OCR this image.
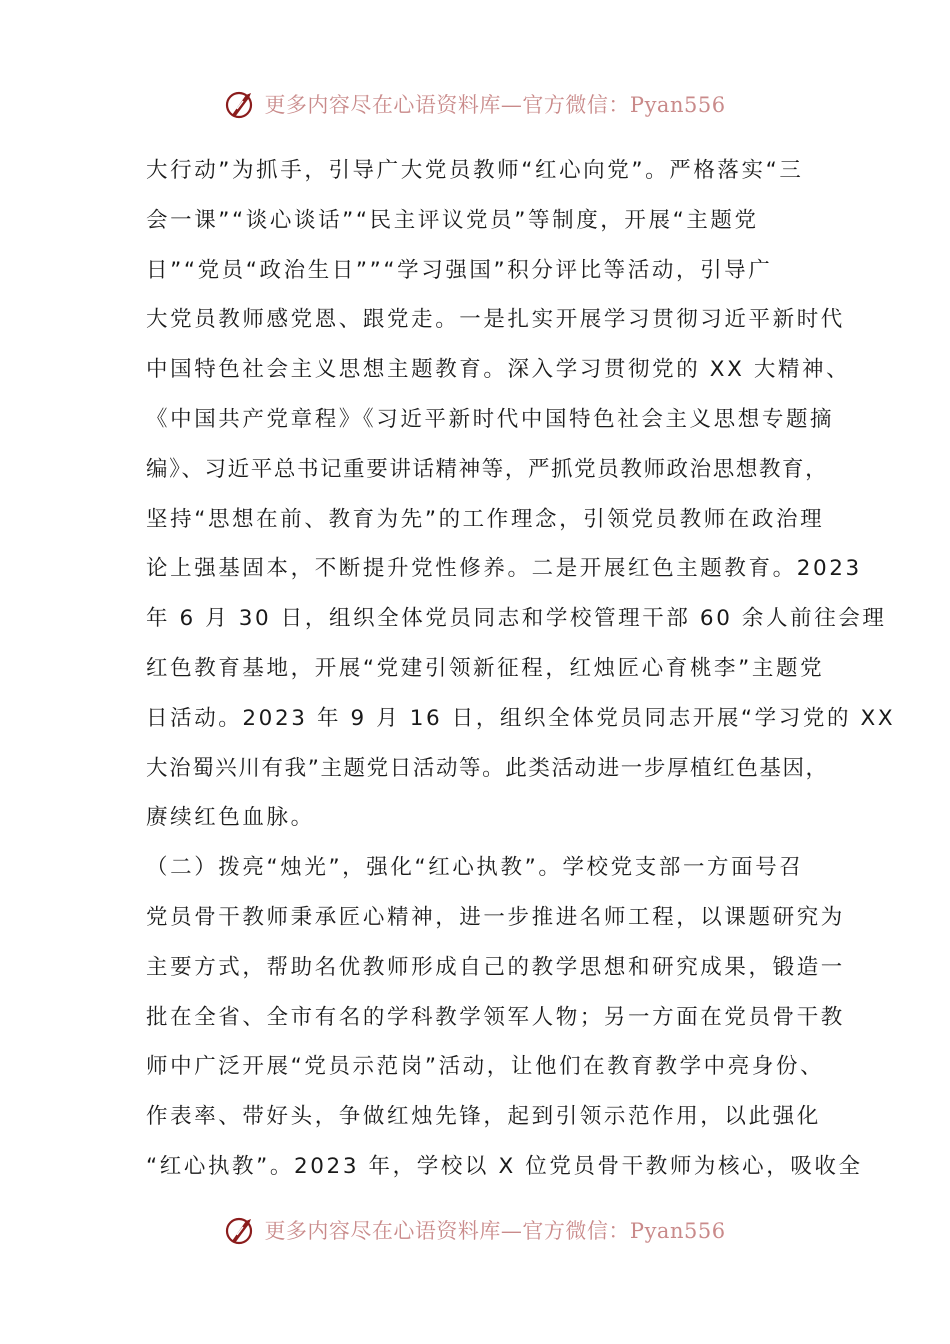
更多内容尽在心语资料库—官方微信：Pyan556
大行动”为抓手，引导广大党员教师“红心向党”。严格落实“三
会一课”“谈心谈话”“民主评议党员”等制度，开展“主题党
日”“党员“政治生日””“学习强国”积分评比等活动，引导广
大党员教师感党恩、跟党走。一是扎实开展学习贯彻习近平新时代
中国特色社会主义思想主题教育。深入学习贯彻党的 XX 大精神、
《中国共产党章程》《习近平新时代中国特色社会主义思想专题摘
编》、习近平总书记重要讲话精神等，严抓党员教师政治思想教育，
坚持“思想在前、教育为先”的工作理念，引领党员教师在政治理
论上强基固本，不断提升党性修养。二是开展红色主题教育。2023
年 6 月 30 日，组织全体党员同志和学校管理干部 60 余人前往会理
红色教育基地，开展“党建引领新征程，红烛匠心育桃李”主题党
日活动。2023 年 9 月 16 日，组织全体党员同志开展“学习党的 XX
大治蜀兴川有我”主题党日活动等。此类活动进一步厚植红色基因，
赓续红色血脉。
（二）拨亮“烛光”，强化“红心执教”。学校党支部一方面号召
党员骨干教师秉承匠心精神，进一步推进名师工程，以课题研究为
主要方式，帮助名优教师形成自己的教学思想和研究成果，锻造一
批在全省、全市有名的学科教学领军人物；另一方面在党员骨干教
师中广泛开展“党员示范岗”活动，让他们在教育教学中亮身份、
作表率、带好头，争做红烛先锋，起到引领示范作用，以此强化
“红心执教”。2023 年，学校以 X 位党员骨干教师为核心，吸收全
更多内容尽在心语资料库—官方微信：Pyan556
